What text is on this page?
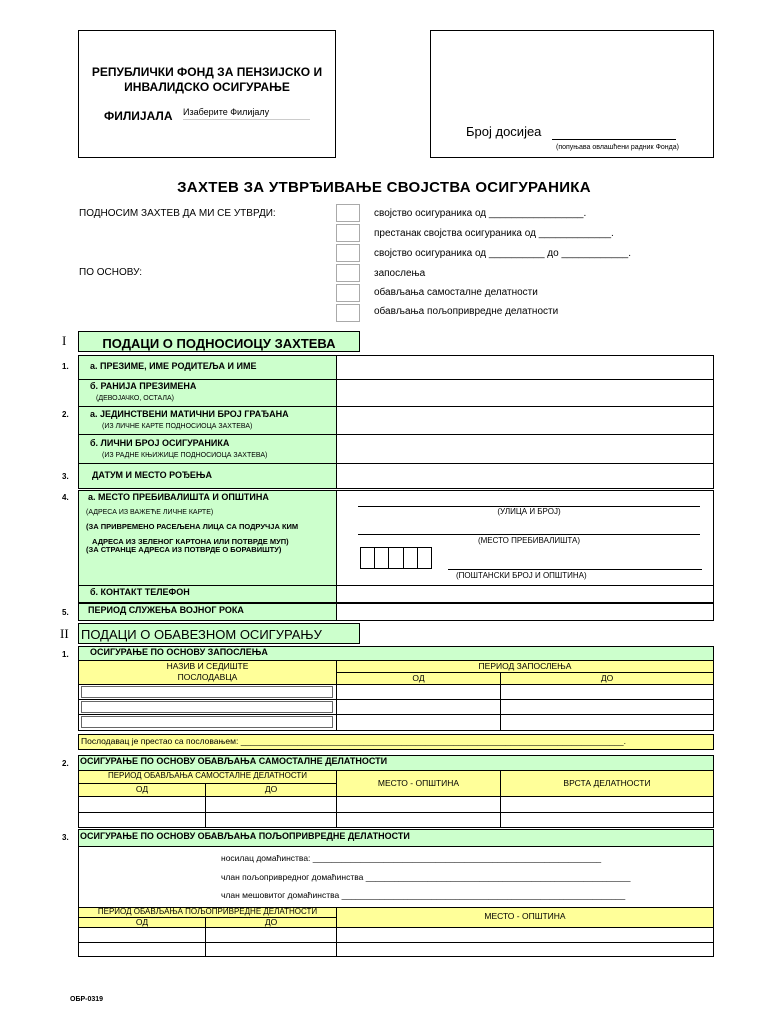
РЕПУБЛИЧКИ ФОНД ЗА ПЕНЗИЈСКО И
ИНВАЛИДСКО ОСИГУРАЊЕ
ФИЛИЈАЛА Изаберите Филијалу
Број досијеа
(попуњава овлашћени радник Фонда)
ЗАХТЕВ ЗА УТВРЂИВАЊЕ СВОЈСТВА ОСИГУРАНИКА
ПОДНОСИМ ЗАХТЕВ ДА МИ СЕ УТВРДИ:
ПО ОСНОВУ:
својство осигураника од _________________.
престанак својства осигураника од _____________.
својство осигураника од __________ до ____________.
запослења
обављања самосталне делатности
обављања пољопривредне делатности
I	ПОДАЦИ О ПОДНОСИОЦУ ЗАХТЕВА
1. а. ПРЕЗИМЕ, ИМЕ РОДИТЕЉА И ИМЕ
б. РАНИЈА ПРЕЗИМЕНА
(ДЕВОЈАЧКО, ОСТАЛА)
2. а. ЈЕДИНСТВЕНИ МАТИЧНИ БРОЈ ГРАЂАНА
(ИЗ ЛИЧНЕ КАРТЕ ПОДНОСИОЦА ЗАХТЕВА)
б. ЛИЧНИ БРОЈ ОСИГУРАНИКА
(ИЗ РАДНЕ КЊИЖИЦЕ ПОДНОСИОЦА ЗАХТЕВА)
3.	ДАТУМ И МЕСТО РОЂЕЊА
4. а. МЕСТО ПРЕБИВАЛИШТА И ОПШТИНА
(АДРЕСА ИЗ ВАЖЕЋЕ ЛИЧНЕ КАРТЕ)
(ЗА ПРИВРЕМЕНО РАСЕЉЕНА ЛИЦА СА ПОДРУЧЈА КИМ
АДРЕСА ИЗ ЗЕЛЕНОГ КАРТОНА ИЛИ ПОТВРДЕ МУП)
(ЗА СТРАНЦЕ АДРЕСА ИЗ ПОТВРДЕ О БОРАВИШТУ)
(УЛИЦА И БРОЈ)
(МЕСТО ПРЕБИВАЛИШТА)
(ПОШТАНСКИ БРОЈ И ОПШТИНА)
б. КОНТАКТ ТЕЛЕФОН
5. ПЕРИОД СЛУЖЕЊА ВОЈНОГ РОКА
II ПОДАЦИ О ОБАВЕЗНОМ ОСИГУРАЊУ
1. ОСИГУРАЊЕ ПО ОСНОВУ ЗАПОСЛЕЊА
НАЗИВ И СЕДИШТЕ
ПОСЛОДАВЦА
ПЕРИОД ЗАПОСЛЕЊА
ОД	ДО
Послодавац је престао са пословањем: _________________________________________________________________________________.
2. ОСИГУРАЊЕ ПО ОСНОВУ ОБАВЉАЊА САМОСТАЛНЕ ДЕЛАТНОСТИ
ПЕРИОД ОБАВЉАЊА САМОСТАЛНЕ ДЕЛАТНОСТИ
ОД	ДО
МЕСТО - ОПШТИНА	ВРСТА ДЕЛАТНОСТИ
3. ОСИГУРАЊЕ ПО ОСНОВУ ОБАВЉАЊА ПОЉОПРИВРЕДНЕ ДЕЛАТНОСТИ
носилац домаћинства: _____________________________________________________________
члан пољопривредног домаћинства ________________________________________________________
члан мешовитог домаћинства ____________________________________________________________
ПЕРИОД ОБАВЉАЊА ПОЉОПРИВРЕДНЕ ДЕЛАТНОСТИ
ОД	ДО
МЕСТО - ОПШТИНА
ОБР-0319
